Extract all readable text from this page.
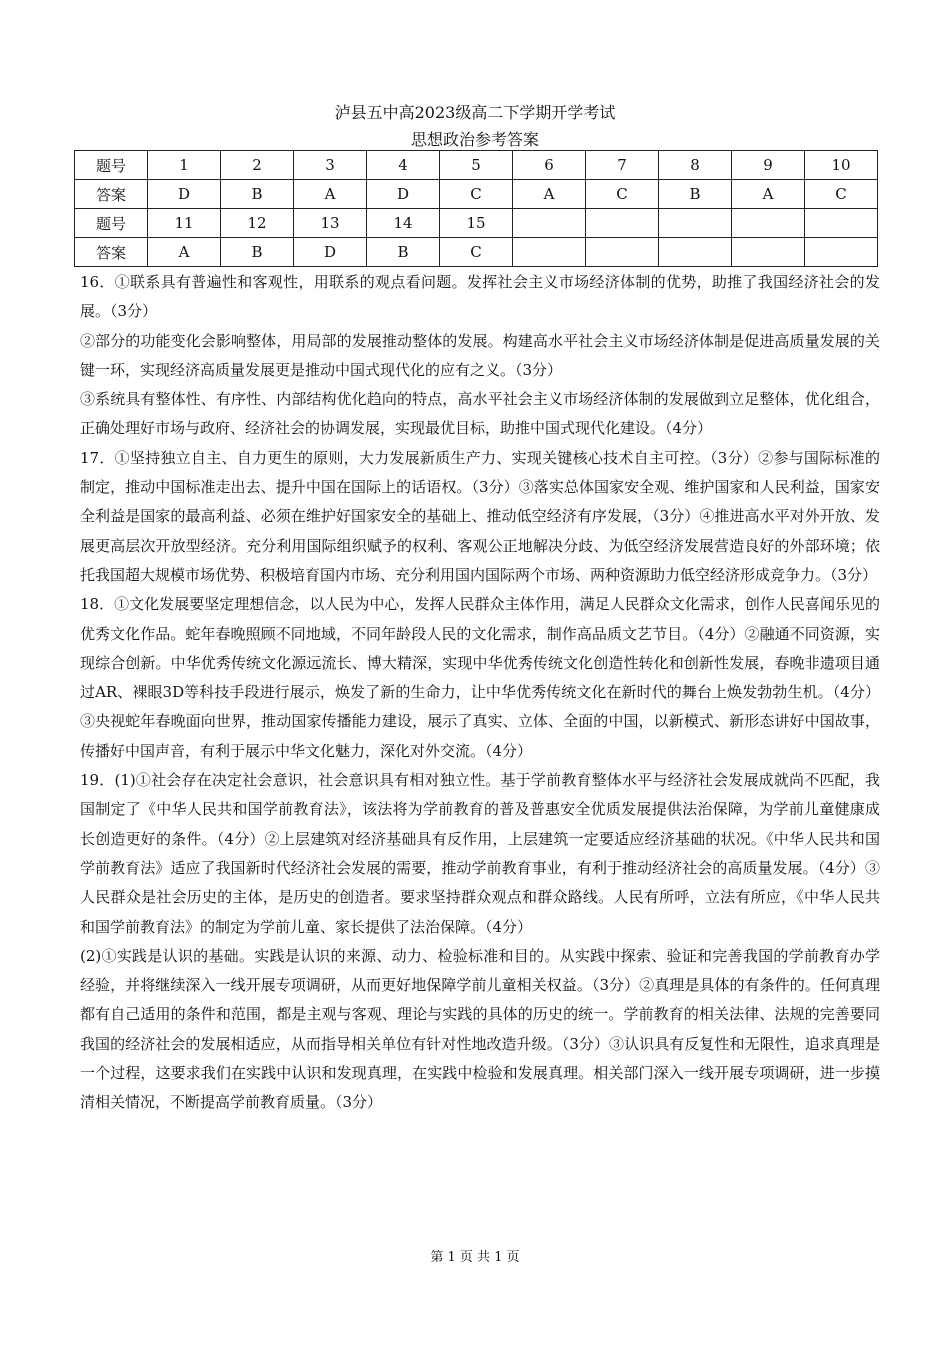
泸县五中高2023级高二下学期开学考试
思想政治参考答案
题号	1	2	3	4	5	6	7	8	9	10
答案	D	B	A	D	C	A	C	B	A	C
题号	11	12	13	14	15					
答案	A	B	D	B	C					

16．①联系具有普遍性和客观性，用联系的观点看问题。发挥社会主义市场经济体制的优势，助推了我国经济社会的发展。（3分）

②部分的功能变化会影响整体，用局部的发展推动整体的发展。构建高水平社会主义市场经济体制是促进高质量发展的关键一环，实现经济高质量发展更是推动中国式现代化的应有之义。（3分）

③系统具有整体性、有序性、内部结构优化趋向的特点，高水平社会主义市场经济体制的发展做到立足整体，优化组合，正确处理好市场与政府、经济社会的协调发展，实现最优目标，助推中国式现代化建设。（4分）

17．①坚持独立自主、自力更生的原则，大力发展新质生产力、实现关键核心技术自主可控。（3分）②参与国际标准的制定，推动中国标准走出去、提升中国在国际上的话语权。（3分）③落实总体国家安全观、维护国家和人民利益，国家安全利益是国家的最高利益、必须在维护好国家安全的基础上、推动低空经济有序发展，（3分）④推进高水平对外开放、发展更高层次开放型经济。充分利用国际组织赋予的权利、客观公正地解决分歧、为低空经济发展营造良好的外部环境；依托我国超大规模市场优势、积极培育国内市场、充分利用国内国际两个市场、两种资源助力低空经济形成竞争力。（3分）

18．①文化发展要坚定理想信念，以人民为中心，发挥人民群众主体作用，满足人民群众文化需求，创作人民喜闻乐见的优秀文化作品。蛇年春晚照顾不同地域，不同年龄段人民的文化需求，制作高品质文艺节目。（4分）②融通不同资源，实现综合创新。中华优秀传统文化源远流长、博大精深，实现中华优秀传统文化创造性转化和创新性发展，春晚非遗项目通过AR、裸眼3D等科技手段进行展示，焕发了新的生命力，让中华优秀传统文化在新时代的舞台上焕发勃勃生机。（4分）③央视蛇年春晚面向世界，推动国家传播能力建设，展示了真实、立体、全面的中国，以新模式、新形态讲好中国故事，传播好中国声音，有利于展示中华文化魅力，深化对外交流。（4分）

19．(1)①社会存在决定社会意识，社会意识具有相对独立性。基于学前教育整体水平与经济社会发展成就尚不匹配，我国制定了《中华人民共和国学前教育法》，该法将为学前教育的普及普惠安全优质发展提供法治保障，为学前儿童健康成长创造更好的条件。（4分）②上层建筑对经济基础具有反作用，上层建筑一定要适应经济基础的状况。《中华人民共和国学前教育法》适应了我国新时代经济社会发展的需要，推动学前教育事业，有利于推动经济社会的高质量发展。（4分）③人民群众是社会历史的主体，是历史的创造者。要求坚持群众观点和群众路线。人民有所呼，立法有所应，《中华人民共和国学前教育法》的制定为学前儿童、家长提供了法治保障。（4分）

(2)①实践是认识的基础。实践是认识的来源、动力、检验标准和目的。从实践中探索、验证和完善我国的学前教育办学经验，并将继续深入一线开展专项调研，从而更好地保障学前儿童相关权益。（3分）②真理是具体的有条件的。任何真理都有自己适用的条件和范围，都是主观与客观、理论与实践的具体的历史的统一。学前教育的相关法律、法规的完善要同我国的经济社会的发展相适应，从而指导相关单位有针对性地改造升级。（3分）③认识具有反复性和无限性，追求真理是一个过程，这要求我们在实践中认识和发现真理，在实践中检验和发展真理。相关部门深入一线开展专项调研，进一步摸清相关情况，不断提高学前教育质量。（3分）

第 1 页 共 1 页
